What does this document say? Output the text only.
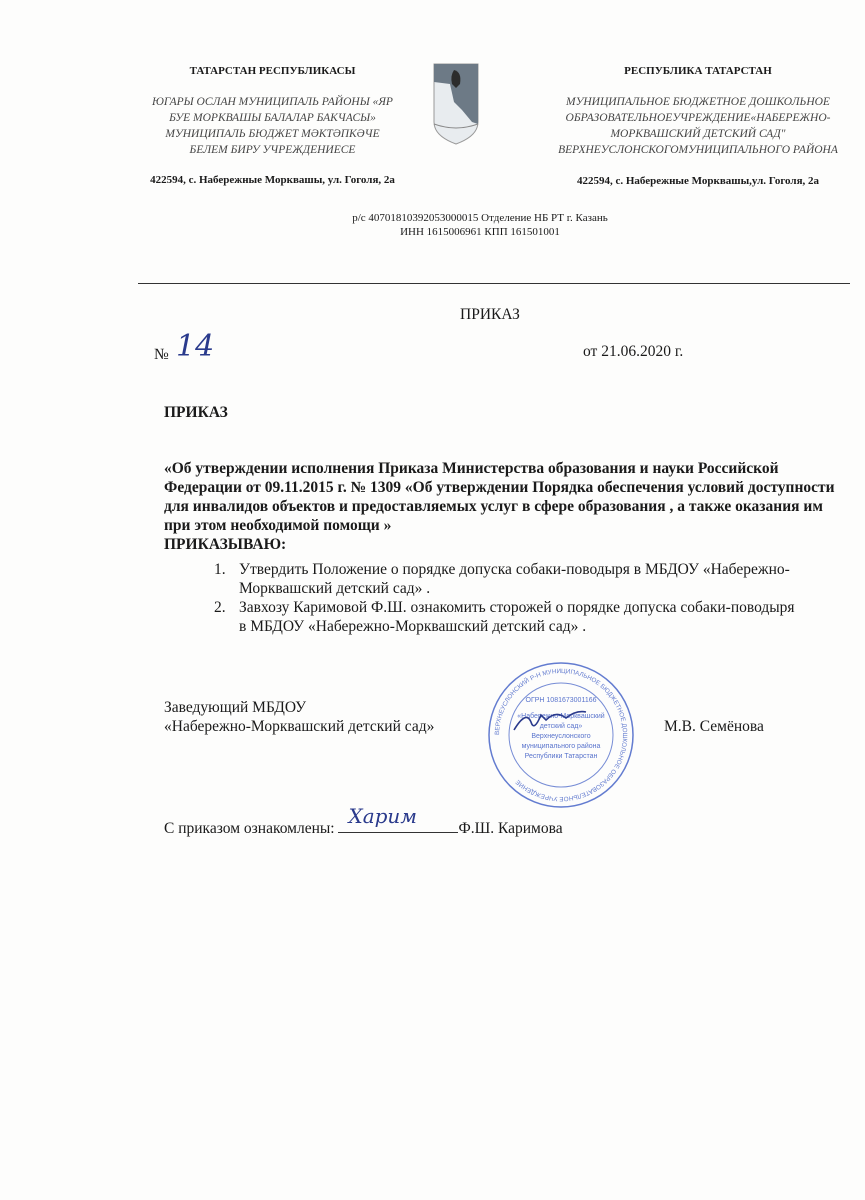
ТАТАРСТАН РЕСПУБЛИКАСЫ
ЮГАРЫ ОСЛАН МУНИЦИПАЛЬ РАЙОНЫ «ЯР
БУЕ МОРКВАШЫ БАЛАЛАР БАКЧАСЫ»
МУНИЦИПАЛЬ БЮДЖЕТ МӘКТӘПКӘЧЕ
БЕЛЕМ БИРУ УЧРЕЖДЕНИЕСЕ
422594, с. Набережные Морквашы, ул. Гоголя, 2а
РЕСПУБЛИКА ТАТАРСТАН
МУНИЦИПАЛЬНОЕ БЮДЖЕТНОЕ ДОШКОЛЬНОЕ
ОБРАЗОВАТЕЛЬНОЕУЧРЕЖДЕНИЕ«НАБЕРЕЖНО-
МОРКВАШСКИЙ ДЕТСКИЙ САД"
ВЕРХНЕУСЛОНСКОГОМУНИЦИПАЛЬНОГО РАЙОНА
422594, с. Набережные Морквашы,ул. Гоголя, 2а
р/с 40701810392053000015 Отделение НБ РТ г. Казань
ИНН 1615006961 КПП 161501001
ПРИКАЗ
№ 14	от 21.06.2020 г.
ПРИКАЗ
«Об утверждении исполнения Приказа Министерства образования и науки Российской Федерации от 09.11.2015 г. № 1309 «Об утверждении Порядка обеспечения условий доступности для инвалидов объектов и предоставляемых услуг в сфере образования , а также оказания им при этом необходимой помощи »
ПРИКАЗЫВАЮ:
1. Утвердить Положение о порядке допуска собаки-поводыря в МБДОУ «Набережно-Морквашский детский сад» .
2. Завхозу Каримовой Ф.Ш. ознакомить сторожей о порядке допуска собаки-поводыря в МБДОУ «Набережно-Морквашский детский сад» .
Заведующий МБДОУ
«Набережно-Морквашский детский сад»	М.В. Семёнова
ВЕРХНЕУСЛОНСКИЙ Р-Н МУНИЦИПАЛЬНОЕ БЮДЖЕТНОЕ ДОШКОЛЬНОЕ ОБРАЗОВАТЕЛЬНОЕ УЧРЕЖДЕНИЕ
ОГРН 1081673001166
«Набережно-Морквашский
детский сад»
Верхнеуслонского
муниципального района
Республики Татарстан
С приказом ознакомлены:
Харим
Ф.Ш. Каримова
